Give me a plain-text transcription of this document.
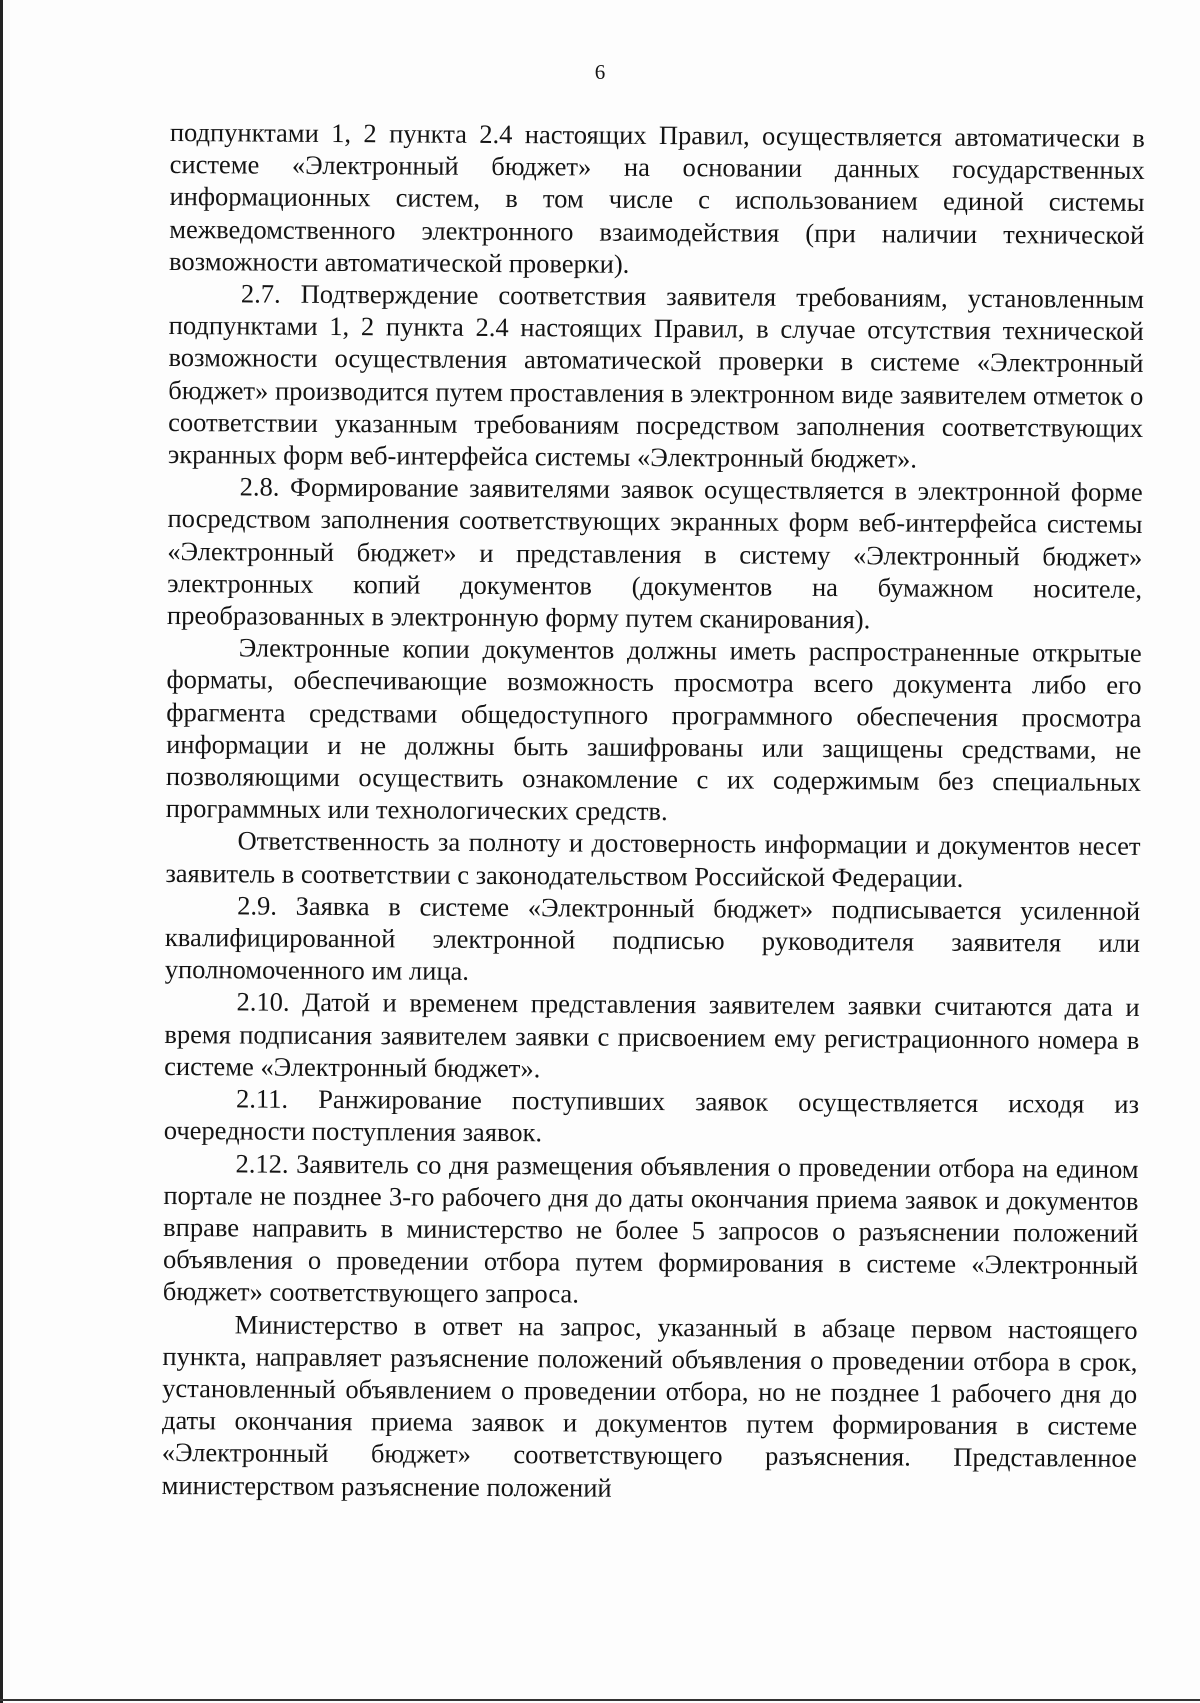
6

подпунктами 1, 2 пункта 2.4 настоящих Правил, осуществляется автоматически в системе «Электронный бюджет» на основании данных государственных информационных систем, в том числе с использованием единой системы межведомственного электронного взаимодействия (при наличии технической возможности автоматической проверки).

2.7. Подтверждение соответствия заявителя требованиям, установленным подпунктами 1, 2 пункта 2.4 настоящих Правил, в случае отсутствия технической возможности осуществления автоматической проверки в системе «Электронный бюджет» производится путем проставления в электронном виде заявителем отметок о соответствии указанным требованиям посредством заполнения соответствующих экранных форм веб-интерфейса системы «Электронный бюджет».

2.8. Формирование заявителями заявок осуществляется в электронной форме посредством заполнения соответствующих экранных форм веб-интерфейса системы «Электронный бюджет» и представления в систему «Электронный бюджет» электронных копий документов (документов на бумажном носителе, преобразованных в электронную форму путем сканирования).

Электронные копии документов должны иметь распространенные открытые форматы, обеспечивающие возможность просмотра всего документа либо его фрагмента средствами общедоступного программного обеспечения просмотра информации и не должны быть зашифрованы или защищены средствами, не позволяющими осуществить ознакомление с их содержимым без специальных программных или технологических средств.

Ответственность за полноту и достоверность информации и документов несет заявитель в соответствии с законодательством Российской Федерации.

2.9. Заявка в системе «Электронный бюджет» подписывается усиленной квалифицированной электронной подписью руководителя заявителя или уполномоченного им лица.

2.10. Датой и временем представления заявителем заявки считаются дата и время подписания заявителем заявки с присвоением ему регистрационного номера в системе «Электронный бюджет».

2.11. Ранжирование поступивших заявок осуществляется исходя из очередности поступления заявок.

2.12. Заявитель со дня размещения объявления о проведении отбора на едином портале не позднее 3-го рабочего дня до даты окончания приема заявок и документов вправе направить в министерство не более 5 запросов о разъяснении положений объявления о проведении отбора путем формирования в системе «Электронный бюджет» соответствующего запроса.

Министерство в ответ на запрос, указанный в абзаце первом настоящего пункта, направляет разъяснение положений объявления о проведении отбора в срок, установленный объявлением о проведении отбора, но не позднее 1 рабочего дня до даты окончания приема заявок и документов путем формирования в системе «Электронный бюджет» соответствующего разъяснения. Представленное министерством разъяснение положений
